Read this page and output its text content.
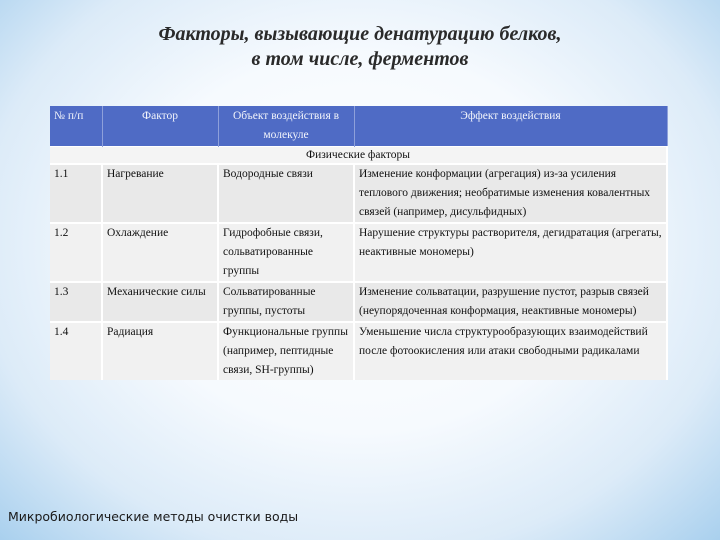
Факторы, вызывающие денатурацию белков,
в том числе, ферментов
№ п/п	Фактор	Объект воздействия в молекуле	Эффект воздействия
Физические факторы			
1.1	Нагревание	Водородные связи	Изменение конформации (агрегация) из-за усиления теплового движения; необратимые изменения ковалентных связей (например, дисульфидных)
1.2	Охлаждение	Гидрофобные связи, сольватированные группы	Нарушение структуры растворителя, дегидратация (агрегаты, неактивные мономеры)
1.3	Механические силы	Сольватированные группы, пустоты	Изменение сольватации, разрушение пустот, разрыв связей (неупорядоченная конформация, неактивные мономеры)
1.4	Радиация	Функциональные группы (например, пептидные связи, SH-группы)	Уменьшение числа структурообразующих взаимодействий после фотоокисления или атаки свободными радикалами

Микробиологические методы очистки воды
